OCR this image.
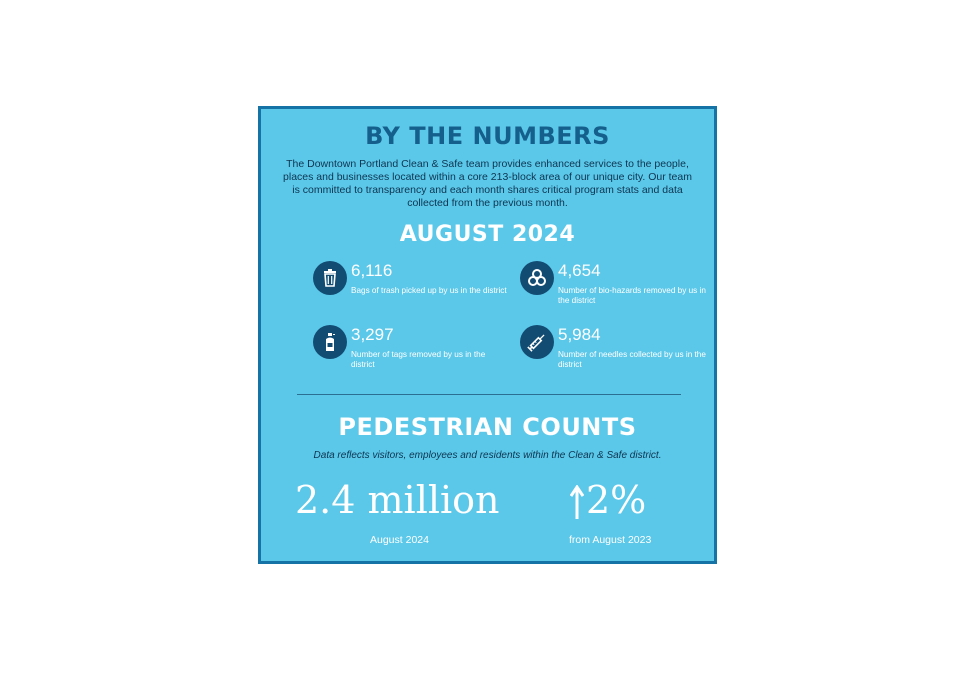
BY THE NUMBERS
The Downtown Portland Clean & Safe team provides enhanced services to the people, places and businesses located within a core 213-block area of our unique city. Our team is committed to transparency and each month shares critical program stats and data collected from the previous month.
AUGUST 2024
6,116
Bags of trash picked up by us in the district
4,654
Number of bio-hazards removed by us in the district
3,297
Number of tags removed by us in the district
5,984
Number of needles collected by us in the district
PEDESTRIAN COUNTS
Data reflects visitors, employees and residents within the Clean & Safe district.
2.4 million
August 2024
2%
from August 2023
